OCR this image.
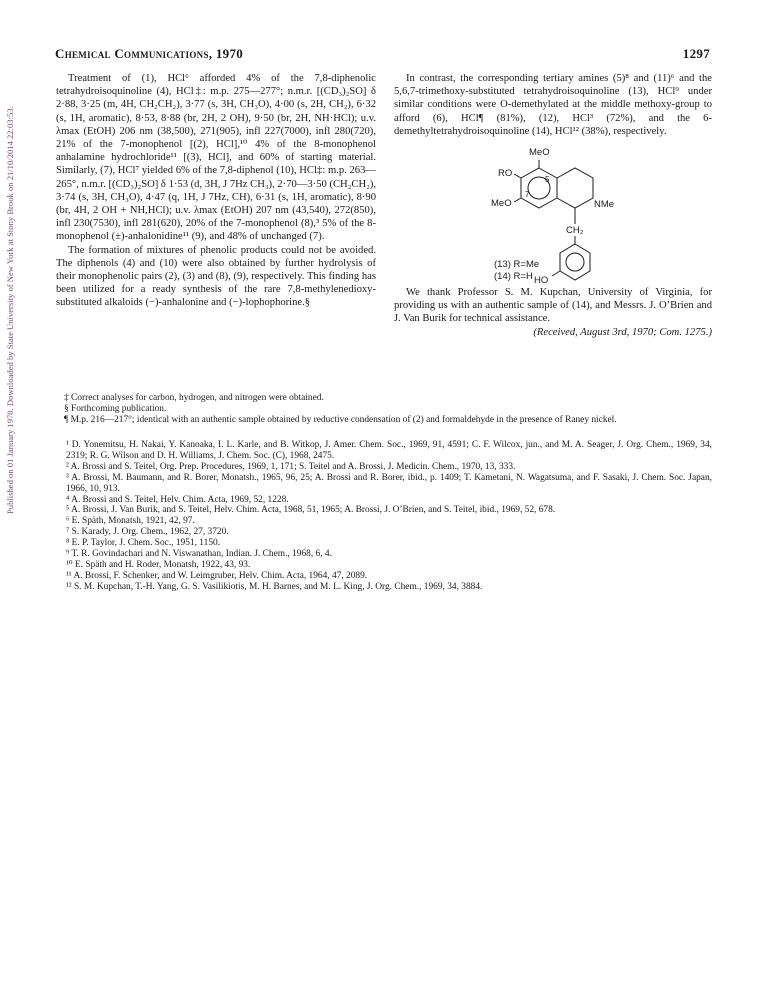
Published on 01 January 1970. Downloaded by State University of New York at Stony Brook on 21/10/2014 22:03:53.
Chemical Communications, 1970	1297

Treatment of (1), HCl⁶ afforded 4% of the 7,8-diphenolic tetrahydroisoquinoline (4), HCl‡: m.p. 275—277°; n.m.r. [(CD₃)₂SO] δ 2·88, 3·25 (m, 4H, CH₂CH₂), 3·77 (s, 3H, CH₃O), 4·00 (s, 2H, CH₂), 6·32 (s, 1H, aromatic), 8·53, 8·88 (br, 2H, 2 OH), 9·50 (br, 2H, NH·HCl); u.v. λmax (EtOH) 206 nm (38,500), 271(905), infl 227(7000), infl 280(720), 21% of the 7-monophenol [(2), HCl],¹⁰ 4% of the 8-monophenol anhalamine hydrochloride¹¹ [(3), HCl], and 60% of starting material. Similarly, (7), HCl⁷ yielded 6% of the 7,8-diphenol (10), HCl‡: m.p. 263—265°, n.m.r. [(CD₃)₂SO] δ 1·53 (d, 3H, J 7Hz CH₃), 2·70—3·50 (CH₂CH₂), 3·74 (s, 3H, CH₃O), 4·47 (q, 1H, J 7Hz, CH), 6·31 (s, 1H, aromatic), 8·90 (br, 4H, 2 OH + NH,HCl); u.v. λmax (EtOH) 207 nm (43,540), 272(850), infl 230(7530), infl 281(620), 20% of the 7-monophenol (8),³ 5% of the 8-monophenol (±)-anhalonidine¹¹ (9), and 48% of unchanged (7).

The formation of mixtures of phenolic products could not be avoided. The diphenols (4) and (10) were also obtained by further hydrolysis of their monophenolic pairs (2), (3) and (8), (9), respectively. This finding has been utilized for a ready synthesis of the rare 7,8-methylenedioxy-substituted alkaloids (−)-anhalonine and (−)-lophophorine.§

In contrast, the corresponding tertiary amines (5)⁸ and (11)⁶ and the 5,6,7-trimethoxy-substituted tetrahydroisoquinoline (13), HCl⁹ under similar conditions were O-demethylated at the middle methoxy-group to afford (6), HCl¶ (81%), (12), HCl³ (72%), and the 6-demethyltetrahydroisoquinoline (14), HCl¹² (38%), respectively.

MeO
RO
MeO
5
7
NMe
CH₂
HO
(13) R=Me
(14) R=H

We thank Professor S. M. Kupchan, University of Virginia, for providing us with an authentic sample of (14), and Messrs. J. O’Brien and J. Van Burik for technical assistance.

(Received, August 3rd, 1970; Com. 1275.)

‡ Correct analyses for carbon, hydrogen, and nitrogen were obtained.

§ Forthcoming publication.

¶ M.p. 216—217°; identical with an authentic sample obtained by reductive condensation of (2) and formaldehyde in the presence of Raney nickel.

¹ D. Yonemitsu, H. Nakai, Y. Kanoaka, I. L. Karle, and B. Witkop, J. Amer. Chem. Soc., 1969, 91, 4591; C. F. Wilcox, jun., and M. A. Seager, J. Org. Chem., 1969, 34, 2319; R. G. Wilson and D. H. Williams, J. Chem. Soc. (C), 1968, 2475.

² A. Brossi and S. Teitel, Org. Prep. Procedures, 1969, 1, 171; S. Teitel and A. Brossi, J. Medicin. Chem., 1970, 13, 333.

³ A. Brossi, M. Baumann, and R. Borer, Monatsh., 1965, 96, 25; A. Brossi and R. Borer, ibid., p. 1409; T. Kametani, N. Wagatsuma, and F. Sasaki, J. Chem. Soc. Japan, 1966, 10, 913.

⁴ A. Brossi and S. Teitel, Helv. Chim. Acta, 1969, 52, 1228.

⁵ A. Brossi, J. Van Burik, and S. Teitel, Helv. Chim. Acta, 1968, 51, 1965; A. Brossi, J. O’Brien, and S. Teitel, ibid., 1969, 52, 678.

⁶ E. Späth, Monatsh, 1921, 42, 97.

⁷ S. Karady, J. Org. Chem., 1962, 27, 3720.

⁸ E. P. Taylor, J. Chem. Soc., 1951, 1150.

⁹ T. R. Govindachari and N. Viswanathan, Indian. J. Chem., 1968, 6, 4.

¹⁰ E. Späth and H. Roder, Monatsh, 1922, 43, 93.

¹¹ A. Brossi, F. Schenker, and W. Leimgruber, Helv. Chim. Acta, 1964, 47, 2089.

¹² S. M. Kupchan, T.-H. Yang, G. S. Vasilikiotis, M. H. Barnes, and M. L. King, J. Org. Chem., 1969, 34, 3884.
